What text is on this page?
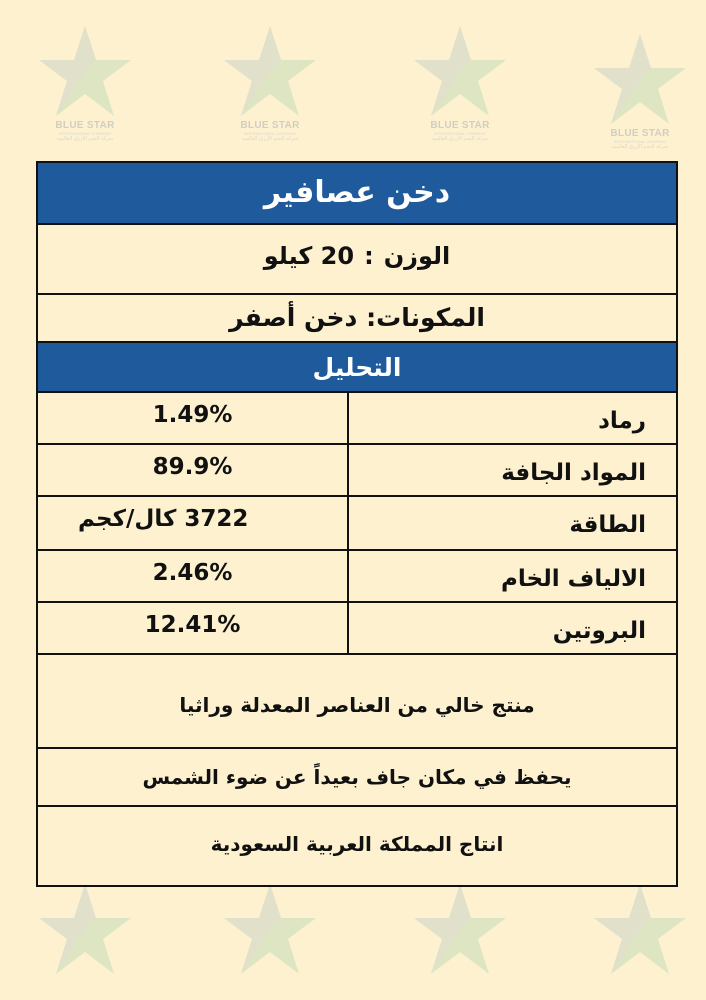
BLUE STAR
INTERNATIONAL COMPANY
شركة النجم الأزرق العالمية
BLUE STAR
INTERNATIONAL COMPANY
شركة النجم الأزرق العالمية
BLUE STAR
INTERNATIONAL COMPANY
شركة النجم الأزرق العالمية	BLUE STAR
INTERNATIONAL COMPANY
شركة النجم الأزرق العالمية
دخن عصافير
الوزن:20 كيلو
المكونات: دخن أصفر
التحليل
رماد
1.49%
المواد الجافة
89.9%
الطاقة
3722 كال/كجم
الالياف الخام
2.46%
البروتين
12.41%
منتج خالي من العناصر المعدلة وراثيا
يحفظ في مكان جاف بعيداً عن ضوء الشمس
انتاج المملكة العربية السعودية
